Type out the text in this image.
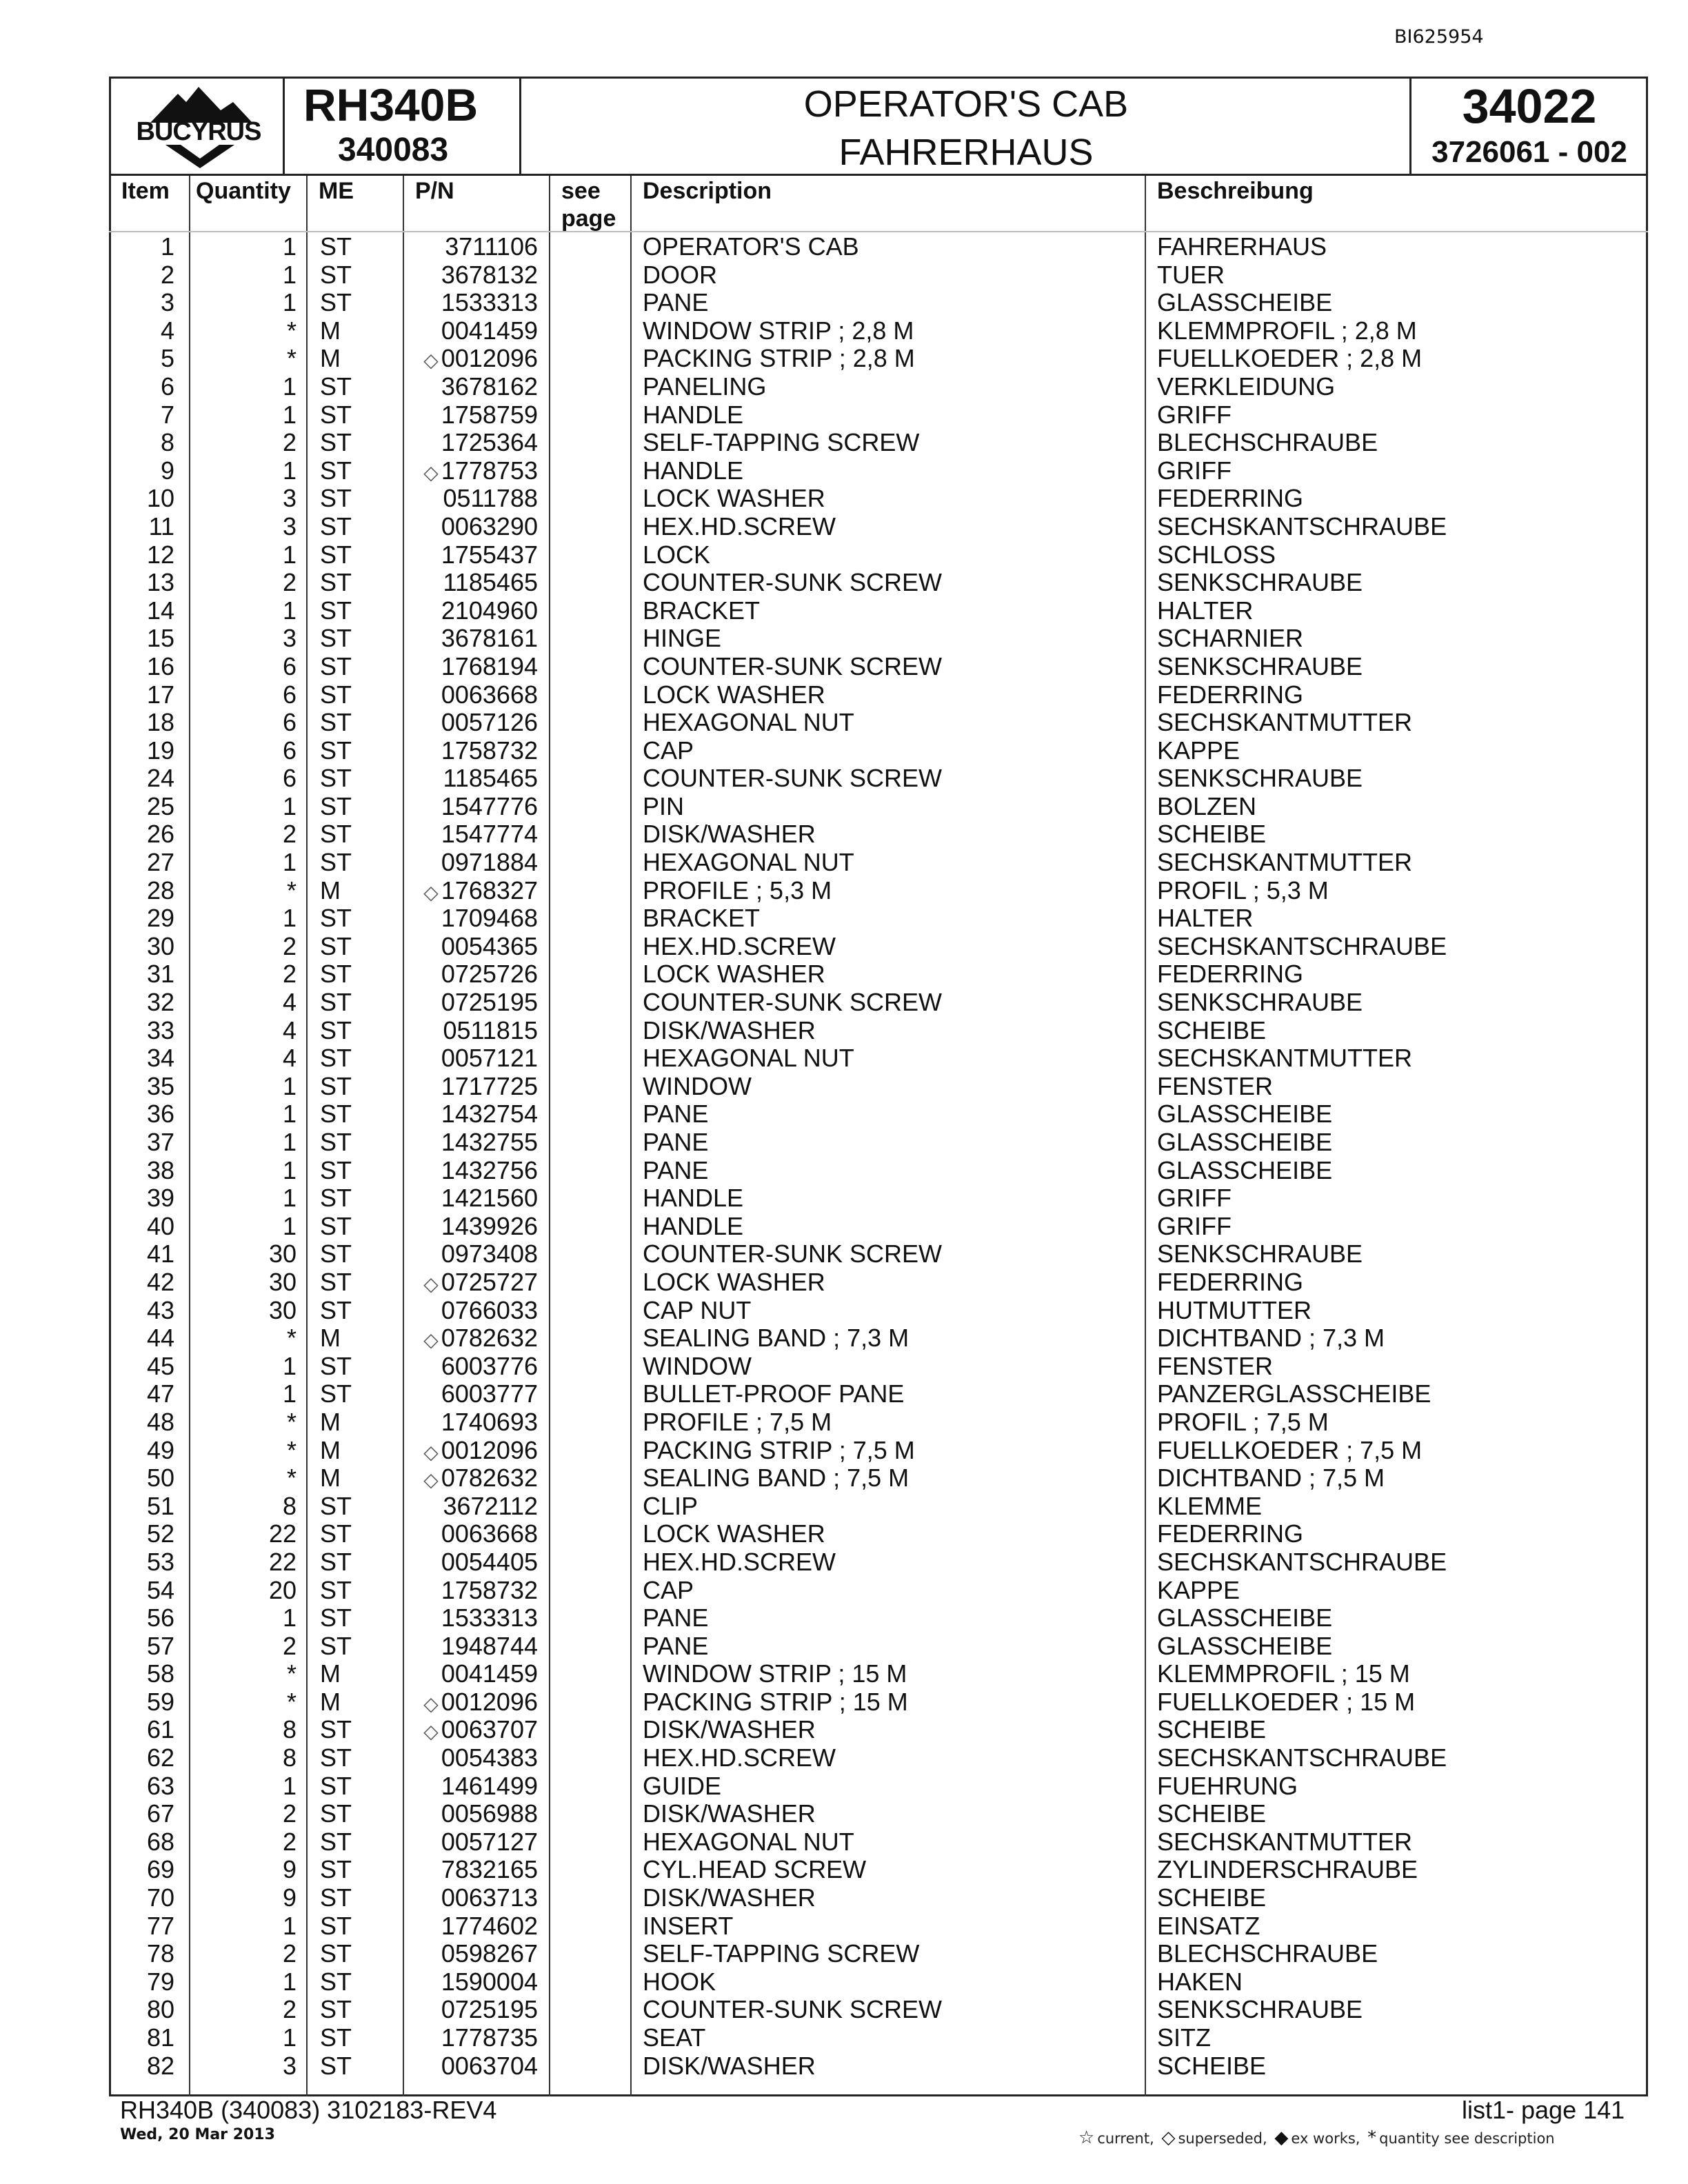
BI625954
BUCYRUS
RH340B
340083
OPERATOR'S CAB
FAHRERHAUS
34022
3726061 - 002
Item Quantity ME	P/N	see
page
Description	Beschreibung
1	1 ST	3711106	OPERATOR'S CAB	FAHRERHAUS
2	1 ST	3678132	DOOR	TUER
3	1 ST	1533313	PANE	GLASSCHEIBE
4	* M	0041459	WINDOW STRIP ; 2,8 M	KLEMMPROFIL ; 2,8 M
5	* M	◇ 0012096	PACKING STRIP ; 2,8 M	FUELLKOEDER ; 2,8 M
6	1 ST	3678162	PANELING	VERKLEIDUNG
7	1 ST	1758759	HANDLE	GRIFF
8	2 ST	1725364	SELF-TAPPING SCREW	BLECHSCHRAUBE
9	1 ST	◇ 1778753	HANDLE	GRIFF
10	3 ST	0511788	LOCK WASHER	FEDERRING
11	3 ST	0063290	HEX.HD.SCREW	SECHSKANTSCHRAUBE
12	1 ST	1755437	LOCK	SCHLOSS
13	2 ST	1185465	COUNTER-SUNK SCREW	SENKSCHRAUBE
14	1 ST	2104960	BRACKET	HALTER
15	3 ST	3678161	HINGE	SCHARNIER
16	6 ST	1768194	COUNTER-SUNK SCREW	SENKSCHRAUBE
17	6 ST	0063668	LOCK WASHER	FEDERRING
18	6 ST	0057126	HEXAGONAL NUT	SECHSKANTMUTTER
19	6 ST	1758732	CAP	KAPPE
24	6 ST	1185465	COUNTER-SUNK SCREW	SENKSCHRAUBE
25	1 ST	1547776	PIN	BOLZEN
26	2 ST	1547774	DISK/WASHER	SCHEIBE
27	1 ST	0971884	HEXAGONAL NUT	SECHSKANTMUTTER
28	* M	◇ 1768327	PROFILE ; 5,3 M	PROFIL ; 5,3 M
29	1 ST	1709468	BRACKET	HALTER
30	2 ST	0054365	HEX.HD.SCREW	SECHSKANTSCHRAUBE
31	2 ST	0725726	LOCK WASHER	FEDERRING
32	4 ST	0725195	COUNTER-SUNK SCREW	SENKSCHRAUBE
33	4 ST	0511815	DISK/WASHER	SCHEIBE
34	4 ST	0057121	HEXAGONAL NUT	SECHSKANTMUTTER
35	1 ST	1717725	WINDOW	FENSTER
36	1 ST	1432754	PANE	GLASSCHEIBE
37	1 ST	1432755	PANE	GLASSCHEIBE
38	1 ST	1432756	PANE	GLASSCHEIBE
39	1 ST	1421560	HANDLE	GRIFF
40	1 ST	1439926	HANDLE	GRIFF
41	30 ST	0973408	COUNTER-SUNK SCREW	SENKSCHRAUBE
42	30 ST	◇ 0725727	LOCK WASHER	FEDERRING
43	30 ST	0766033	CAP NUT	HUTMUTTER
44	* M	◇ 0782632	SEALING BAND ; 7,3 M	DICHTBAND ; 7,3 M
45	1 ST	6003776	WINDOW	FENSTER
47	1 ST	6003777	BULLET-PROOF PANE	PANZERGLASSCHEIBE
48	* M	1740693	PROFILE ; 7,5 M	PROFIL ; 7,5 M
49	* M	◇ 0012096	PACKING STRIP ; 7,5 M	FUELLKOEDER ; 7,5 M
50	* M	◇ 0782632	SEALING BAND ; 7,5 M	DICHTBAND ; 7,5 M
51	8 ST	3672112	CLIP	KLEMME
52	22 ST	0063668	LOCK WASHER	FEDERRING
53	22 ST	0054405	HEX.HD.SCREW	SECHSKANTSCHRAUBE
54	20 ST	1758732	CAP	KAPPE
56	1 ST	1533313	PANE	GLASSCHEIBE
57	2 ST	1948744	PANE	GLASSCHEIBE
58	* M	0041459	WINDOW STRIP ; 15 M	KLEMMPROFIL ; 15 M
59	* M	◇ 0012096	PACKING STRIP ; 15 M	FUELLKOEDER ; 15 M
61	8 ST	◇ 0063707	DISK/WASHER	SCHEIBE
62	8 ST	0054383	HEX.HD.SCREW	SECHSKANTSCHRAUBE
63	1 ST	1461499	GUIDE	FUEHRUNG
67	2 ST	0056988	DISK/WASHER	SCHEIBE
68	2 ST	0057127	HEXAGONAL NUT	SECHSKANTMUTTER
69	9 ST	7832165	CYL.HEAD SCREW	ZYLINDERSCHRAUBE
70	9 ST	0063713	DISK/WASHER	SCHEIBE
77	1 ST	1774602	INSERT	EINSATZ
78	2 ST	0598267	SELF-TAPPING SCREW	BLECHSCHRAUBE
79	1 ST	1590004	HOOK	HAKEN
80	2 ST	0725195	COUNTER-SUNK SCREW	SENKSCHRAUBE
81	1 ST	1778735	SEAT	SITZ
82	3 ST	0063704	DISK/WASHER	SCHEIBE
RH340B (340083) 3102183-REV4
Wed, 20 Mar 2013
list1- page 141
☆ current, ◇ superseded, ◆ ex works, * quantity see description
